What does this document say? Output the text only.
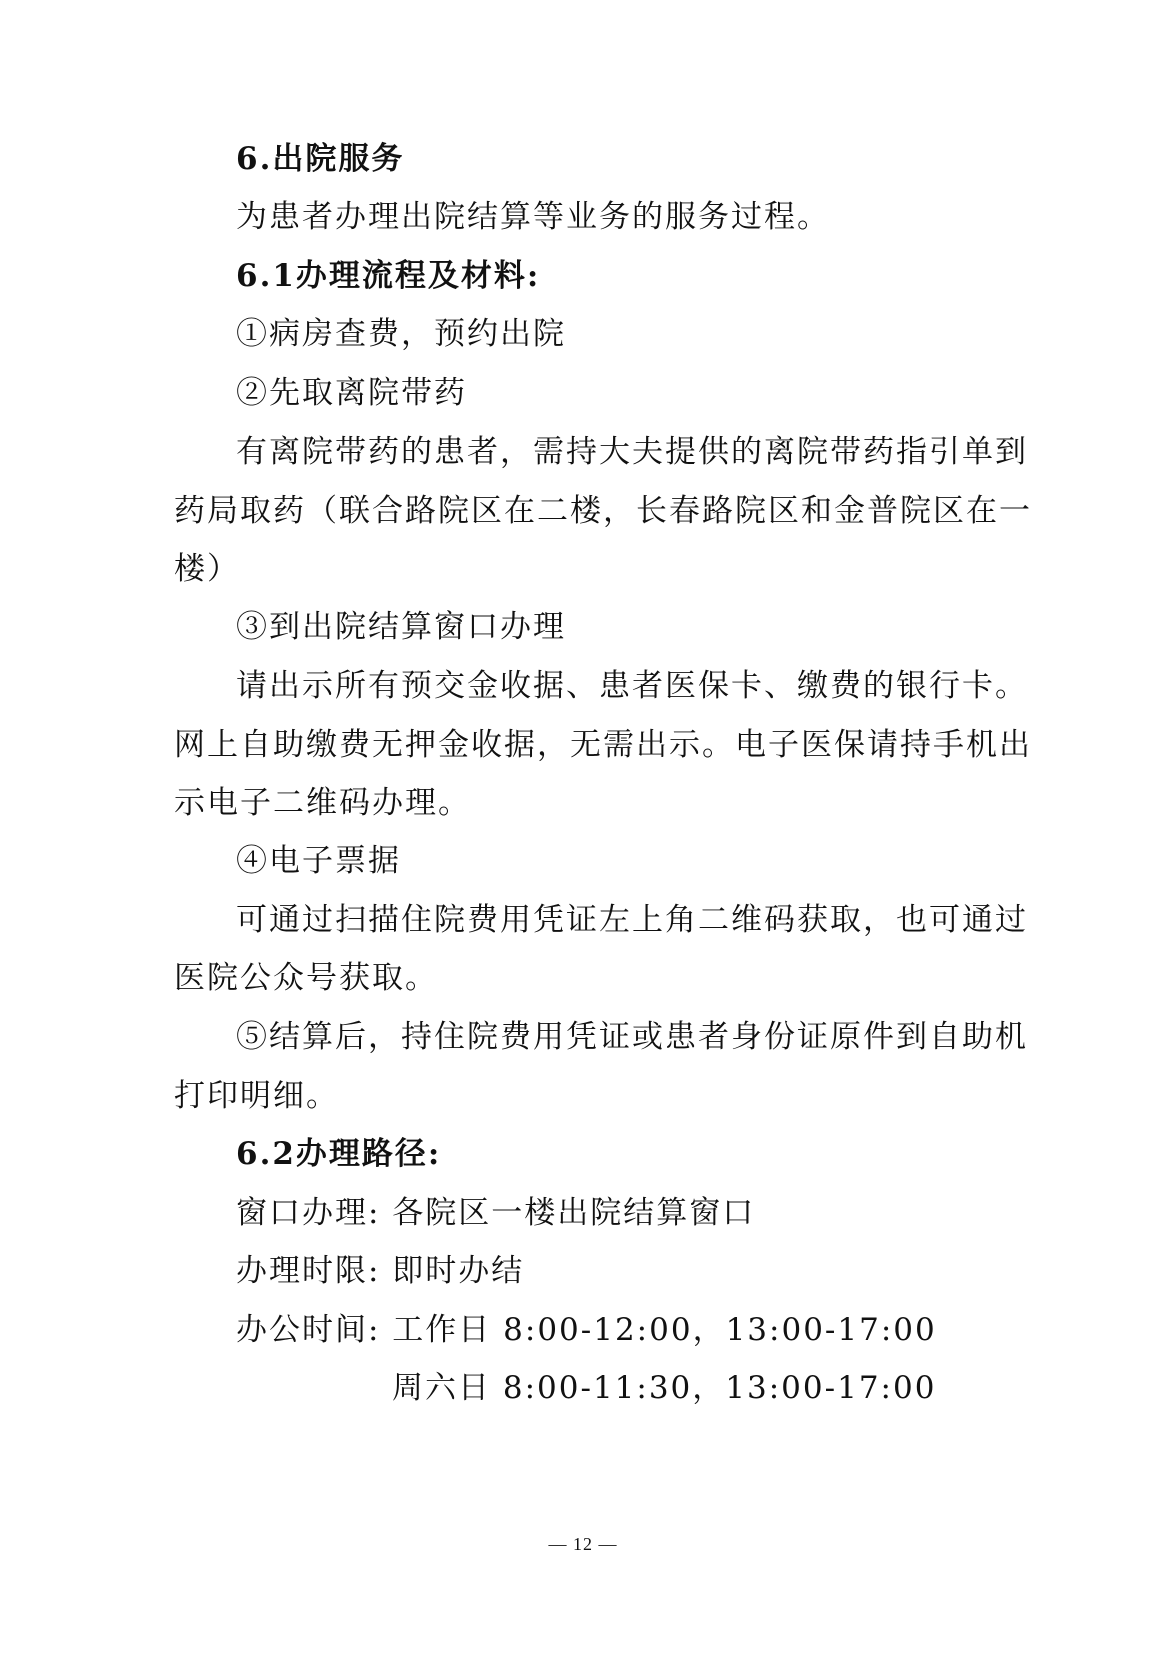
6.出院服务
为患者办理出院结算等业务的服务过程。
6.1办理流程及材料:
①病房查费，预约出院
②先取离院带药
有离院带药的患者，需持大夫提供的离院带药指引单到
药局取药（联合路院区在二楼，长春路院区和金普院区在一
楼）
③到出院结算窗口办理
请出示所有预交金收据、患者医保卡、缴费的银行卡。
网上自助缴费无押金收据，无需出示。电子医保请持手机出
示电子二维码办理。
④电子票据
可通过扫描住院费用凭证左上角二维码获取，也可通过
医院公众号获取。
⑤结算后，持住院费用凭证或患者身份证原件到自助机
打印明细。
6.2办理路径:
窗口办理: 各院区一楼出院结算窗口
办理时限: 即时办结
办公时间: 工作日 8:00-12:00，13:00-17:00
周六日 8:00-11:30，13:00-17:00
— 12 —
